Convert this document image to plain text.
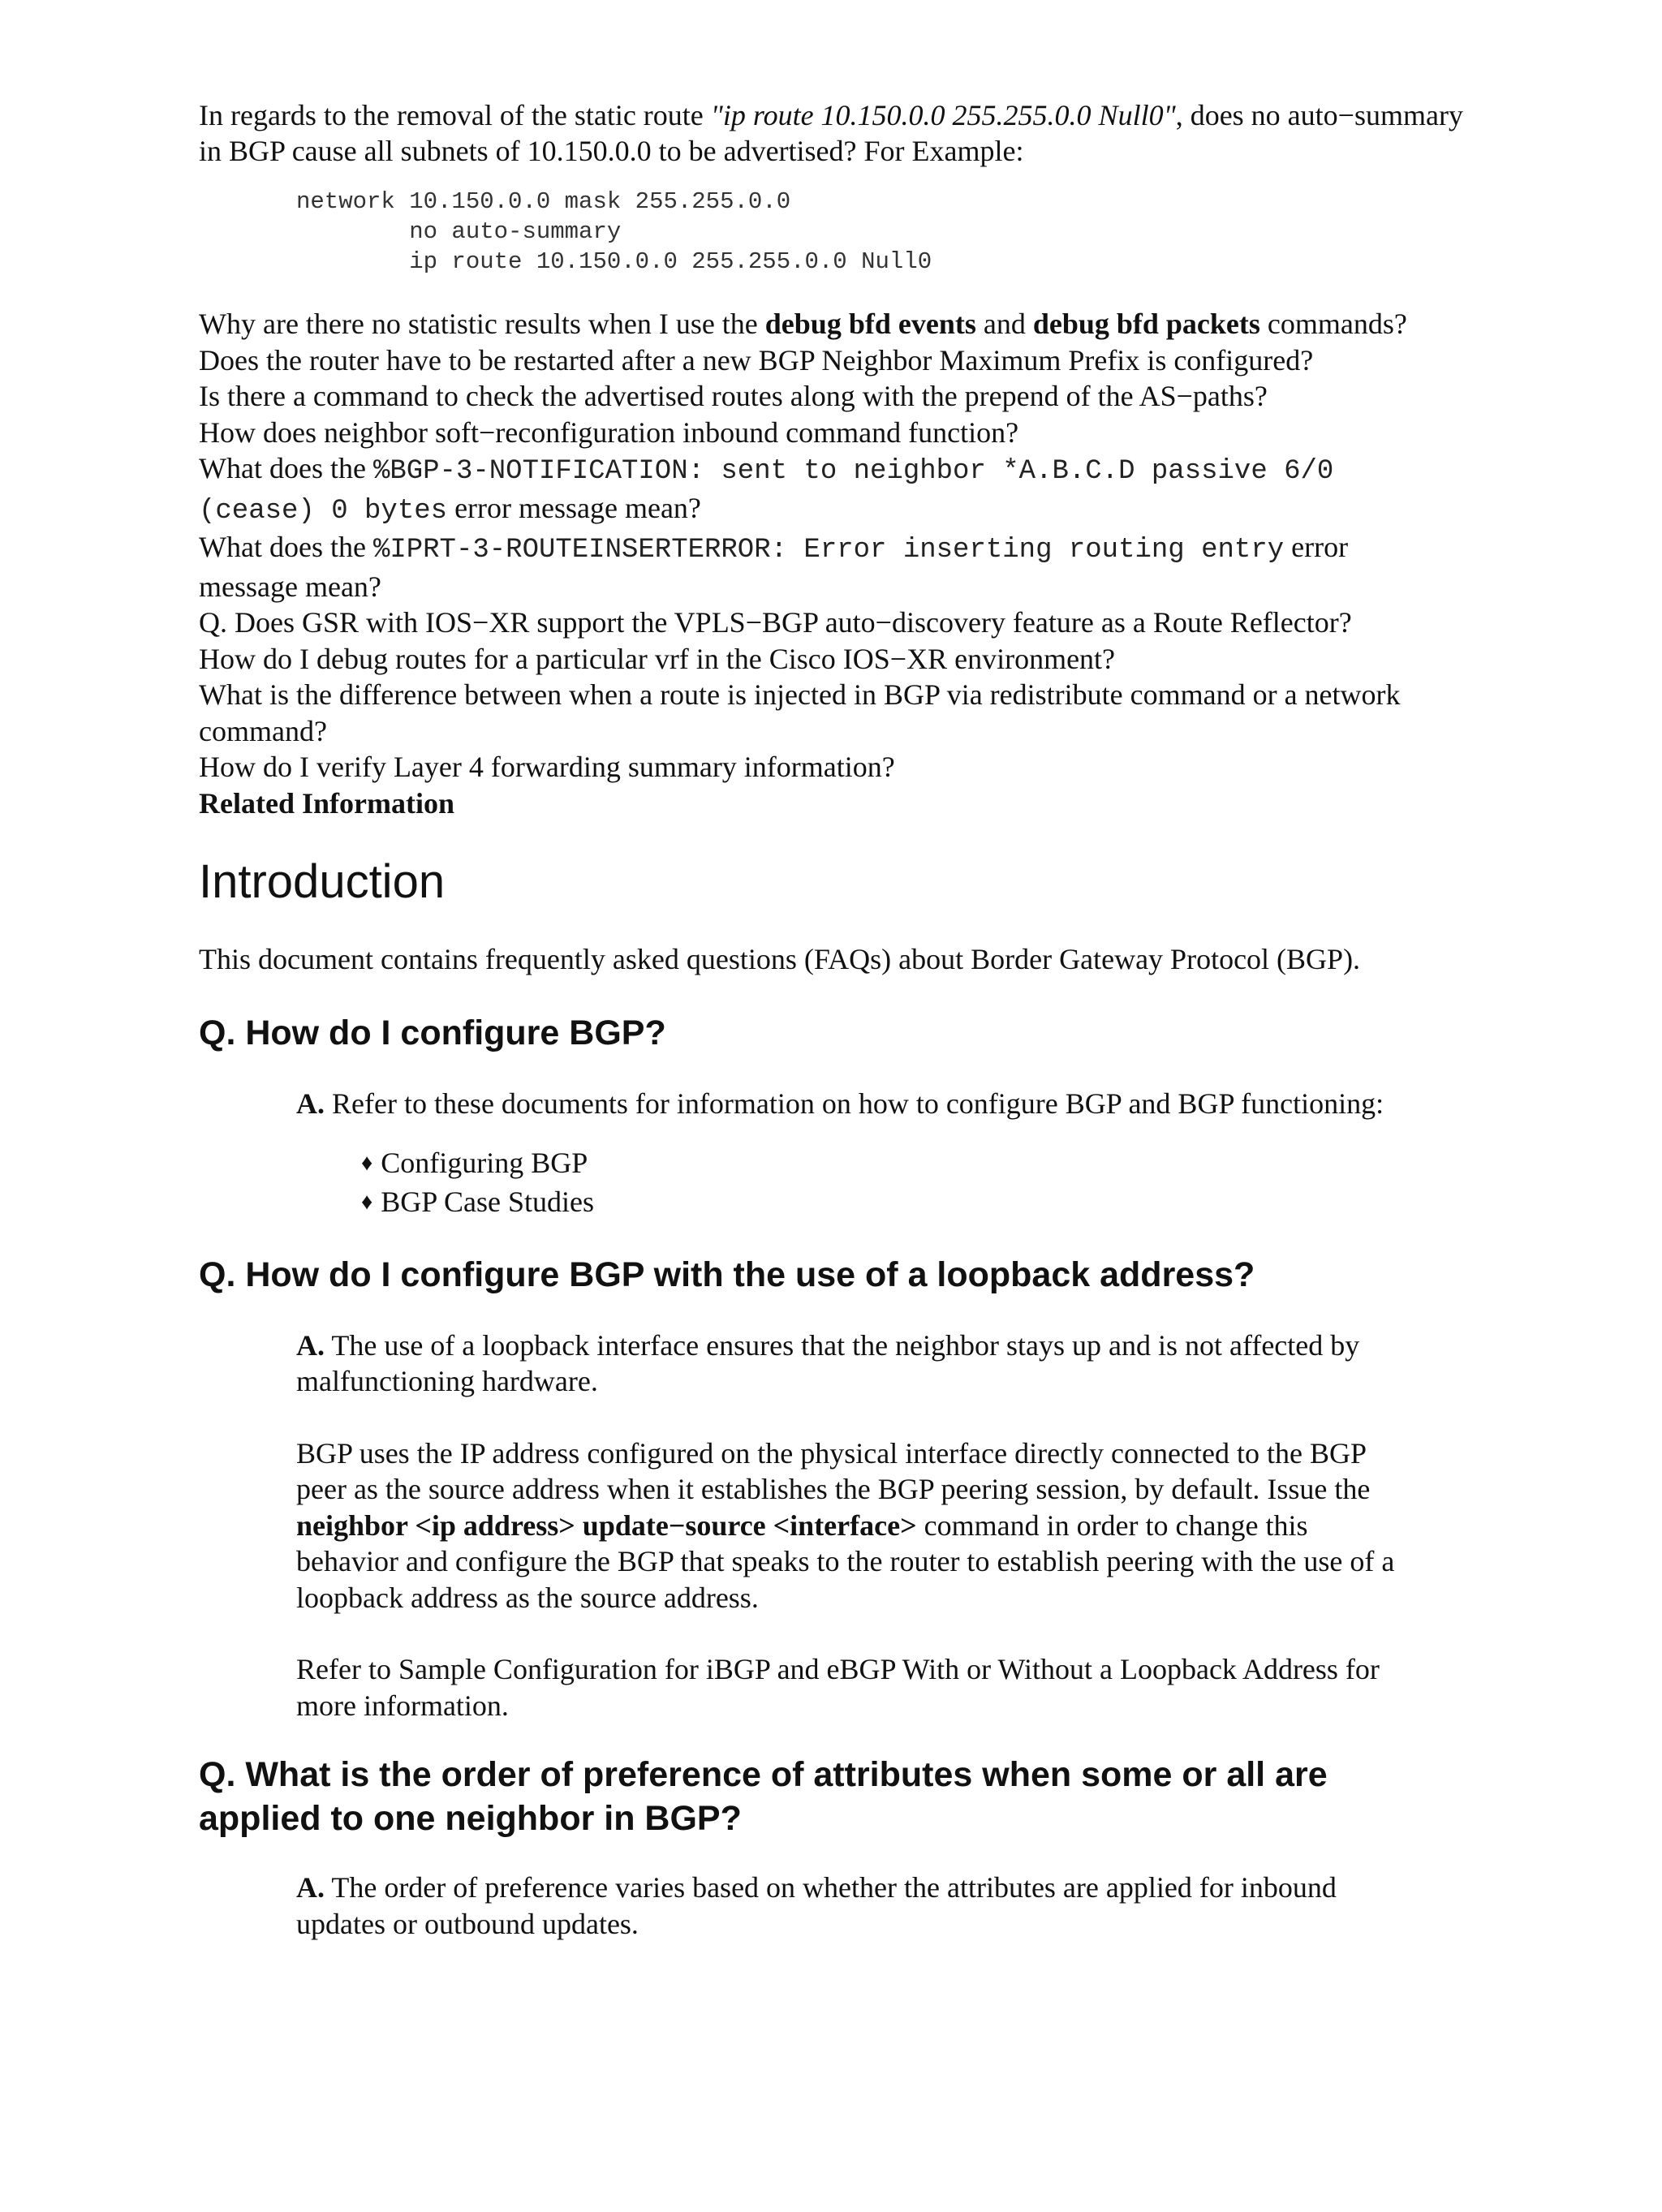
In regards to the removal of the static route "ip route 10.150.0.0 255.255.0.0 Null0", does no auto−summary

in BGP cause all subnets of 10.150.0.0 to be advertised? For Example:

network 10.150.0.0 mask 255.255.0.0
no auto-summary
ip route 10.150.0.0 255.255.0.0 Null0
Why are there no statistic results when I use the debug bfd events and debug bfd packets commands?
Does the router have to be restarted after a new BGP Neighbor Maximum Prefix is configured?
Is there a command to check the advertised routes along with the prepend of the AS−paths?
How does neighbor soft−reconfiguration inbound command function?
What does the %BGP-3-NOTIFICATION: sent to neighbor *A.B.C.D passive 6/0
(cease) 0 bytes error message mean?
What does the %IPRT-3-ROUTEINSERTERROR: Error inserting routing entry error
message mean?
Q. Does GSR with IOS−XR support the VPLS−BGP auto−discovery feature as a Route Reflector?
How do I debug routes for a particular vrf in the Cisco IOS−XR environment?
What is the difference between when a route is injected in BGP via redistribute command or a network
command?
How do I verify Layer 4 forwarding summary information?
Related Information
Introduction

This document contains frequently asked questions (FAQs) about Border Gateway Protocol (BGP).

Q. How do I configure BGP?

A. Refer to these documents for information on how to configure BGP and BGP functioning:

♦ Configuring BGP
♦ BGP Case Studies
Q. How do I configure BGP with the use of a loopback address?

A. The use of a loopback interface ensures that the neighbor stays up and is not affected by

malfunctioning hardware.

BGP uses the IP address configured on the physical interface directly connected to the BGP

peer as the source address when it establishes the BGP peering session, by default. Issue the

neighbor <ip address> update−source <interface> command in order to change this

behavior and configure the BGP that speaks to the router to establish peering with the use of a

loopback address as the source address.

Refer to Sample Configuration for iBGP and eBGP With or Without a Loopback Address for

more information.

Q. What is the order of preference of attributes when some or all are
applied to one neighbor in BGP?

A. The order of preference varies based on whether the attributes are applied for inbound

updates or outbound updates.
